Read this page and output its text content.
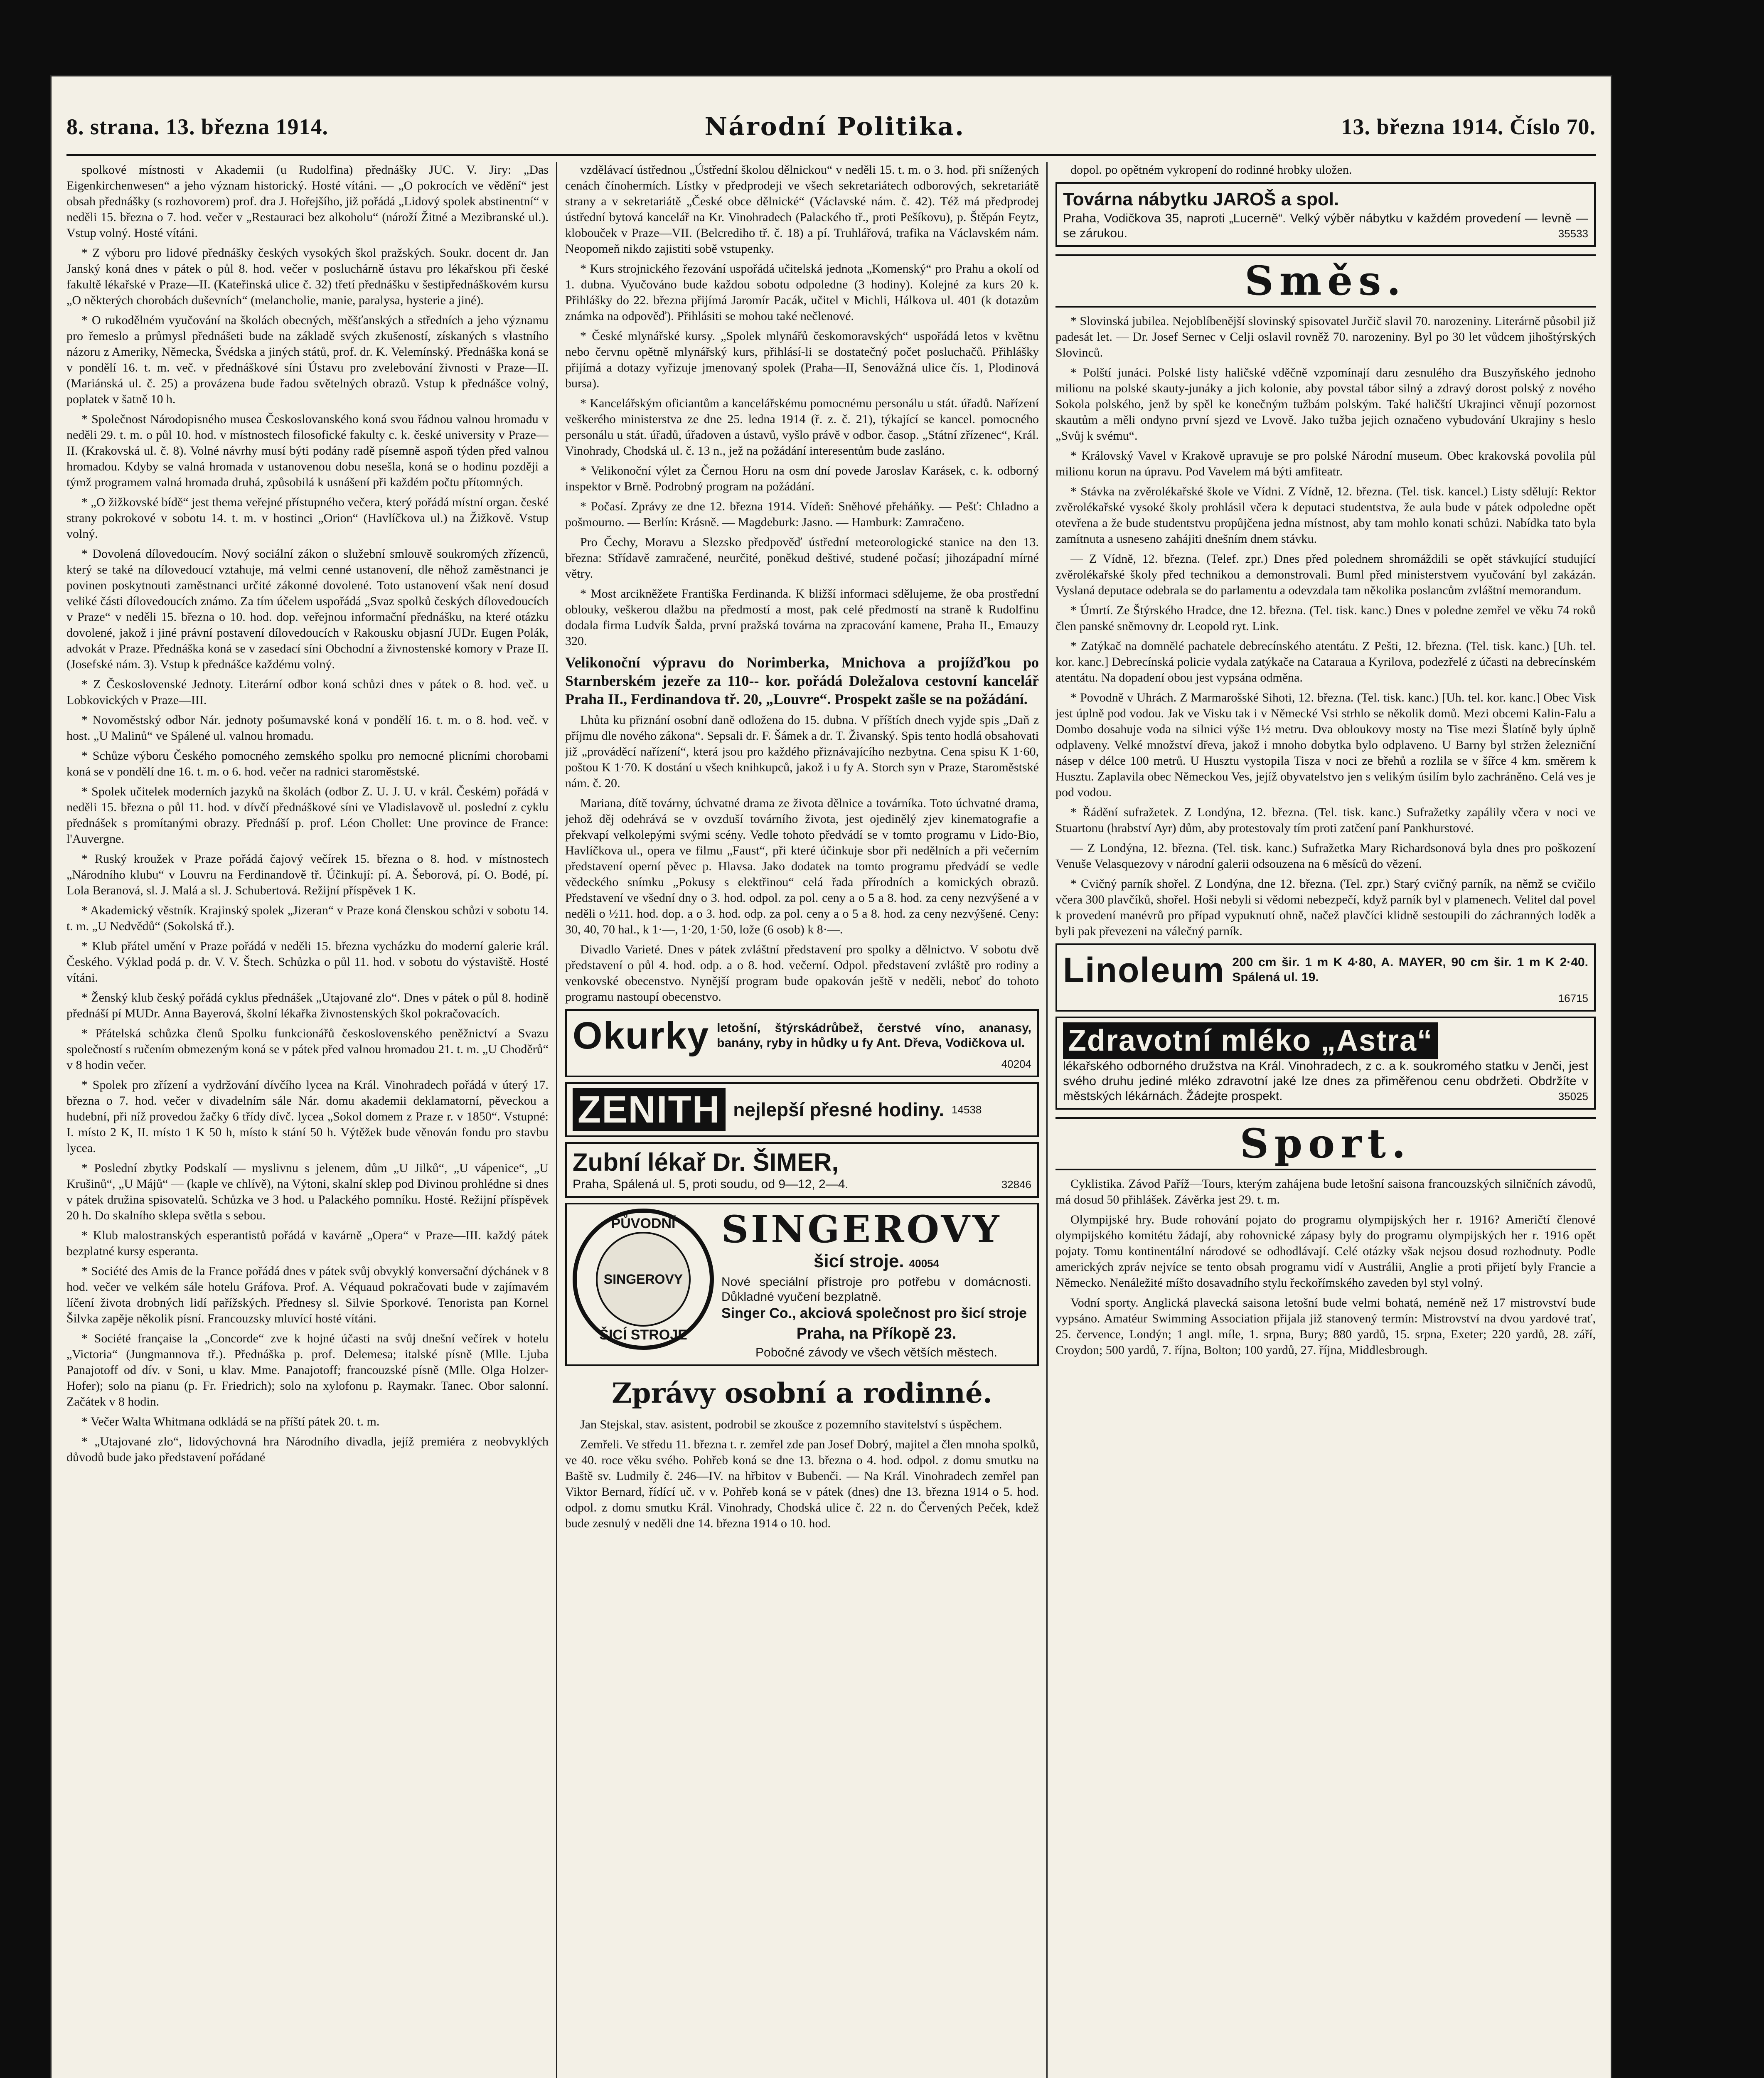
8. strana. 13. března 1914.	Národní Politika.	13. března 1914. Číslo 70.

spolkové místnosti v Akademii (u Rudolfina) přednášky JUC. V. Jiry: „Das Eigenkirchenwesen“ a jeho význam historický. Hosté vítáni. — „O pokrocích ve vědění“ jest obsah přednášky (s rozhovorem) prof. dra J. Hořejšího, již pořádá „Lidový spolek abstinentní“ v neděli 15. března o 7. hod. večer v „Restauraci bez alkoholu“ (nároží Žitné a Mezibranské ul.). Vstup volný. Hosté vítáni.

* Z výboru pro lidové přednášky českých vysokých škol pražských. Soukr. docent dr. Jan Janský koná dnes v pátek o půl 8. hod. večer v posluchárně ústavu pro lékařskou při české fakultě lékařské v Praze—II. (Kateřinská ulice č. 32) třetí přednášku v šestipřednáškovém kursu „O některých chorobách duševních“ (melancholie, manie, paralysa, hysterie a jiné).

* O rukodělném vyučování na školách obecných, měšťanských a středních a jeho významu pro řemeslo a průmysl přednášeti bude na základě svých zkušeností, získaných s vlastního názoru z Ameriky, Německa, Švédska a jiných států, prof. dr. K. Velemínský. Přednáška koná se v pondělí 16. t. m. več. v přednáškové síni Ústavu pro zvelebování živnosti v Praze—II. (Mariánská ul. č. 25) a provázena bude řadou světelných obrazů. Vstup k přednášce volný, poplatek v šatně 10 h.

* Společnost Národopisného musea Českoslovanského koná svou řádnou valnou hromadu v neděli 29. t. m. o půl 10. hod. v místnostech filosofické fakulty c. k. české university v Praze—II. (Krakovská ul. č. 8). Volné návrhy musí býti podány radě písemně aspoň týden před valnou hromadou. Kdyby se valná hromada v ustanovenou dobu nesešla, koná se o hodinu později a týmž programem valná hromada druhá, způsobilá k usnášení při každém počtu přítomných.

* „O žižkovské bídě“ jest thema veřejné přístupného večera, který pořádá místní organ. české strany pokrokové v sobotu 14. t. m. v hostinci „Orion“ (Havlíčkova ul.) na Žižkově. Vstup volný.

* Dovolená dílovedoucím. Nový sociální zákon o služební smlouvě soukromých zřízenců, který se také na dílovedoucí vztahuje, má velmi cenné ustanovení, dle něhož zaměstnanci je povinen poskytnouti zaměstnanci určité zákonné dovolené. Toto ustanovení však není dosud veliké části dílovedoucích známo. Za tím účelem uspořádá „Svaz spolků českých dílovedoucích v Praze“ v neděli 15. března o 10. hod. dop. veřejnou informační přednášku, na které otázku dovolené, jakož i jiné právní postavení dílovedoucích v Rakousku objasní JUDr. Eugen Polák, advokát v Praze. Přednáška koná se v zasedací síni Obchodní a živnostenské komory v Praze II. (Josefské nám. 3). Vstup k přednášce každému volný.

* Z Československé Jednoty. Literární odbor koná schůzi dnes v pátek o 8. hod. več. u Lobkovických v Praze—III.

* Novoměstský odbor Nár. jednoty pošumavské koná v pondělí 16. t. m. o 8. hod. več. v host. „U Malinů“ ve Spálené ul. valnou hromadu.

* Schůze výboru Českého pomocného zemského spolku pro nemocné plicními chorobami koná se v pondělí dne 16. t. m. o 6. hod. večer na radnici staroměstské.

* Spolek učitelek moderních jazyků na školách (odbor Z. U. J. U. v král. Českém) pořádá v neděli 15. března o půl 11. hod. v dívčí přednáškové síni ve Vladislavově ul. poslední z cyklu přednášek s promítanými obrazy. Přednáší p. prof. Léon Chollet: Une province de France: l'Auvergne.

* Ruský kroužek v Praze pořádá čajový večírek 15. března o 8. hod. v místnostech „Národního klubu“ v Louvru na Ferdinandově tř. Účinkují: pí. A. Šeborová, pí. O. Bodé, pí. Lola Beranová, sl. J. Malá a sl. J. Schubertová. Režijní příspěvek 1 K.

* Akademický věstník. Krajinský spolek „Jizeran“ v Praze koná členskou schůzi v sobotu 14. t. m. „U Nedvědů“ (Sokolská tř.).

* Klub přátel umění v Praze pořádá v neděli 15. března vycházku do moderní galerie král. Českého. Výklad podá p. dr. V. V. Štech. Schůzka o půl 11. hod. v sobotu do výstaviště. Hosté vítáni.

* Ženský klub český pořádá cyklus přednášek „Utajované zlo“. Dnes v pátek o půl 8. hodině přednáší pí MUDr. Anna Bayerová, školní lékařka živnostenských škol pokračovacích.

* Přátelská schůzka členů Spolku funkcionářů československého peněžnictví a Svazu společností s ručením obmezeným koná se v pátek před valnou hromadou 21. t. m. „U Choděrů“ v 8 hodin večer.

* Spolek pro zřízení a vydržování dívčího lycea na Král. Vinohradech pořádá v úterý 17. března o 7. hod. večer v divadelním sále Nár. domu akademii deklamatorní, pěveckou a hudební, při níž provedou žačky 6 třídy dívč. lycea „Sokol domem z Praze r. v 1850“. Vstupné: I. místo 2 K, II. místo 1 K 50 h, místo k stání 50 h. Výtěžek bude věnován fondu pro stavbu lycea.

* Poslední zbytky Podskalí — myslivnu s jelenem, dům „U Jilků“, „U vápenice“, „U Krušinů“, „U Májů“ — (kaple ve chlívě), na Výtoni, skalní sklep pod Divinou prohlédne si dnes v pátek družina spisovatelů. Schůzka ve 3 hod. u Palackého pomníku. Hosté. Režijní příspěvek 20 h. Do skalního sklepa světla s sebou.

* Klub malostranských esperantistů pořádá v kavárně „Opera“ v Praze—III. každý pátek bezplatné kursy esperanta.

* Société des Amis de la France pořádá dnes v pátek svůj obvyklý konversační dýchánek v 8 hod. večer ve velkém sále hotelu Gráfova. Prof. A. Véquaud pokračovati bude v zajímavém líčení života drobných lidí pařížských. Přednesy sl. Silvie Sporkové. Tenorista pan Kornel Šilvka zapěje několik písní. Francouzsky mluvící hosté vítáni.

* Société française la „Concorde“ zve k hojné účasti na svůj dnešní večírek v hotelu „Victoria“ (Jungmannova tř.). Přednáška p. prof. Delemesa; italské písně (Mlle. Ljuba Panajotoff od dív. v Soni, u klav. Mme. Panajotoff; francouzské písně (Mlle. Olga Holzer-Hofer); solo na pianu (p. Fr. Friedrich); solo na xylofonu p. Raymakr. Tanec. Obor salonní. Začátek v 8 hodin.

* Večer Walta Whitmana odkládá se na příští pátek 20. t. m.

* „Utajované zlo“, lidovýchovná hra Národního divadla, jejíž premiéra z neobvyklých důvodů bude jako představení pořádané

vzdělávací ústřednou „Ústřední školou dělnickou“ v neděli 15. t. m. o 3. hod. při snížených cenách čínohermích. Lístky v předprodeji ve všech sekretariátech odborových, sekretariátě strany a v sekretariátě „České obce dělnické“ (Václavské nám. č. 42). Též má předprodej ústřední bytová kancelář na Kr. Vinohradech (Palackého tř., proti Pešíkovu), p. Štěpán Feytz, klobouček v Praze—VII. (Belcrediho tř. č. 18) a pí. Truhlářová, trafika na Václavském nám. Neopomeň nikdo zajistiti sobě vstupenky.

* Kurs strojnického řezování uspořádá učitelská jednota „Komenský“ pro Prahu a okolí od 1. dubna. Vyučováno bude každou sobotu odpoledne (3 hodiny). Kolejné za kurs 20 k. Přihlášky do 22. března přijímá Jaromír Pacák, učitel v Michli, Hálkova ul. 401 (k dotazům známka na odpověď). Přihlásiti se mohou také nečlenové.

* České mlynářské kursy. „Spolek mlynářů českomoravských“ uspořádá letos v květnu nebo červnu opětně mlynářský kurs, přihlásí-li se dostatečný počet posluchačů. Přihlášky přijímá a dotazy vyřizuje jmenovaný spolek (Praha—II, Senovážná ulice čís. 1, Plodinová bursa).

* Kancelářským oficiantům a kancelářskému pomocnému personálu u stát. úřadů. Nařízení veškerého ministerstva ze dne 25. ledna 1914 (ř. z. č. 21), týkající se kancel. pomocného personálu u stát. úřadů, úřadoven a ústavů, vyšlo právě v odbor. časop. „Státní zřízenec“, Král. Vinohrady, Chodská ul. č. 13 n., jež na požádání interesentům bude zasláno.

* Velikonoční výlet za Černou Horu na osm dní povede Jaroslav Karásek, c. k. odborný inspektor v Brně. Podrobný program na požádání.

* Počasí. Zprávy ze dne 12. března 1914. Vídeň: Sněhové přeháňky. — Pešť: Chladno a pošmourno. — Berlín: Krásně. — Magdeburk: Jasno. — Hamburk: Zamračeno.

Pro Čechy, Moravu a Slezsko předpověď ústřední meteorologické stanice na den 13. března: Střídavě zamračené, neurčité, poněkud deštivé, studené počasí; jihozápadní mírné větry.

* Most arcikněžete Františka Ferdinanda. K bližší informaci sdělujeme, že oba prostřední oblouky, veškerou dlažbu na předmostí a most, pak celé předmostí na straně k Rudolfinu dodala firma Ludvík Šalda, první pražská továrna na zpracování kamene, Praha II., Emauzy 320.

Velikonoční výpravu do Norimberka, Mnichova a projížďkou po Starnberském jezeře za 110-- kor. pořádá Doležalova cestovní kancelář Praha II., Ferdinandova tř. 20, „Louvre“. Prospekt zašle se na požádání.

Lhůta ku přiznání osobní daně odložena do 15. dubna. V příštích dnech vyjde spis „Daň z příjmu dle nového zákona“. Sepsali dr. F. Šámek a dr. T. Živanský. Spis tento hodlá obsahovati již „prováděcí nařízení“, která jsou pro každého přiznávajícího nezbytna. Cena spisu K 1·60, poštou K 1·70. K dostání u všech knihkupců, jakož i u fy A. Storch syn v Praze, Staroměstské nám. č. 20.

Mariana, dítě továrny, úchvatné drama ze života dělnice a továrníka. Toto úchvatné drama, jehož děj odehrává se v ovzduší továrního života, jest ojedinělý zjev kinematografie a překvapí velkolepými svými scény. Vedle tohoto předvádí se v tomto programu v Lido-Bio, Havlíčkova ul., opera ve filmu „Faust“, při které účinkuje sbor při nedělních a při večerním představení operní pěvec p. Hlavsa. Jako dodatek na tomto programu předvádí se vedle vědeckého snímku „Pokusy s elektřinou“ celá řada přírodních a komických obrazů. Představení ve všední dny o 3. hod. odpol. za pol. ceny a o 5 a 8. hod. za ceny nezvýšené a v neděli o ½11. hod. dop. a o 3. hod. odp. za pol. ceny a o 5 a 8. hod. za ceny nezvýšené. Ceny: 30, 40, 70 hal., k 1·—, 1·20, 1·50, lože (6 osob) k 8·—.

Divadlo Varieté. Dnes v pátek zvláštní představení pro spolky a dělnictvo. V sobotu dvě představení o půl 4. hod. odp. a o 8. hod. večerní. Odpol. představení zvláště pro rodiny a venkovské obecenstvo. Nynější program bude opakován ještě v neděli, neboť do tohoto programu nastoupí obecenstvo.

Okurky letošní, štýrskádrůbež, čerstvé víno, ananasy, banány, ryby in hůdky u fy Ant. Dřeva, Vodičkova ul.
40204
ZENITH nejlepší přesné hodiny. 14538
Zubní lékař Dr. ŠIMER,
Praha, Spálená ul. 5, proti soudu, od 9—12, 2—4.	32846
PŮVODNÍ
SINGEROVY
ŠICÍ STROJE
SINGEROVY
šicí stroje. 40054
Nové speciální přístroje pro potřebu v domácnosti. Důkladné vyučení bezplatně.
Singer Co., akciová společnost pro šicí stroje
Praha, na Příkopě 23.
Pobočné závody ve všech větších městech.
Zprávy osobní a rodinné.

Jan Stejskal, stav. asistent, podrobil se zkoušce z pozemního stavitelství s úspěchem.

Zemřeli. Ve středu 11. března t. r. zemřel zde pan Josef Dobrý, majitel a člen mnoha spolků, ve 40. roce věku svého. Pohřeb koná se dne 13. března o 4. hod. odpol. z domu smutku na Baště sv. Ludmily č. 246—IV. na hřbitov v Bubenči. — Na Král. Vinohradech zemřel pan Viktor Bernard, řídící uč. v v. Pohřeb koná se v pátek (dnes) dne 13. března 1914 o 5. hod. odpol. z domu smutku Král. Vinohrady, Chodská ulice č. 22 n. do Červených Peček, kdež bude zesnulý v neděli dne 14. března 1914 o 10. hod.

dopol. po opětném vykropení do rodinné hrobky uložen.

Továrna nábytku JAROŠ a spol.
Praha, Vodičkova 35, naproti „Lucerně“. Velký výběr nábytku v každém provedení — levně — se zárukou.	35533
Směs.

* Slovinská jubilea. Nejoblíbenější slovinský spisovatel Jurčič slavil 70. narozeniny. Literárně působil již padesát let. — Dr. Josef Sernec v Celji oslavil rovněž 70. narozeniny. Byl po 30 let vůdcem jihoštýrských Slovinců.

* Polští junáci. Polské listy haličské vděčně vzpomínají daru zesnulého dra Buszyňského jednoho milionu na polské skauty-junáky a jich kolonie, aby povstal tábor silný a zdravý dorost polský z nového Sokola polského, jenž by spěl ke konečným tužbám polským. Také haličští Ukrajinci věnují pozornost skautům a měli ondyno první sjezd ve Lvově. Jako tužba jejich označeno vybudování Ukrajiny s heslo „Svůj k svému“.

* Královský Vavel v Krakově upravuje se pro polské Národní museum. Obec krakovská povolila půl milionu korun na úpravu. Pod Vavelem má býti amfiteatr.

* Stávka na zvěrolékařské škole ve Vídni. Z Vídně, 12. března. (Tel. tisk. kancel.) Listy sdělují: Rektor zvěrolékařské vysoké školy prohlásil včera k deputaci studentstva, že aula bude v pátek odpoledne opět otevřena a že bude studentstvu propůjčena jedna místnost, aby tam mohlo konati schůzi. Nabídka tato byla zamítnuta a usneseno zahájiti dnešním dnem stávku.

— Z Vídně, 12. března. (Telef. zpr.) Dnes před polednem shromáždili se opět stávkující studující zvěrolékařské školy před technikou a demonstrovali. Buml před ministerstvem vyučování byl zakázán. Vyslaná deputace odebrala se do parlamentu a odevzdala tam několika poslancům zvláštní memorandum.

* Úmrtí. Ze Štýrského Hradce, dne 12. března. (Tel. tisk. kanc.) Dnes v poledne zemřel ve věku 74 roků člen panské sněmovny dr. Leopold ryt. Link.

* Zatýkač na domnělé pachatele debrecínského atentátu. Z Pešti, 12. března. (Tel. tisk. kanc.) [Uh. tel. kor. kanc.] Debrecínská policie vydala zatýkače na Cataraua a Kyrilova, podezřelé z účasti na debrecínském atentátu. Na dopadení obou jest vypsána odměna.

* Povodně v Uhrách. Z Marmarošské Sihoti, 12. března. (Tel. tisk. kanc.) [Uh. tel. kor. kanc.] Obec Visk jest úplně pod vodou. Jak ve Visku tak i v Německé Vsi strhlo se několik domů. Mezi obcemi Kalin-Falu a Dombo dosahuje voda na silnici výše 1½ metru. Dva obloukovy mosty na Tise mezi Šlatíně byly úplně odplaveny. Velké množství dřeva, jakož i mnoho dobytka bylo odplaveno. U Barny byl stržen železniční násep v délce 100 metrů. U Husztu vystopila Tisza v noci ze břehů a rozlila se v šířce 4 km. směrem k Husztu. Zaplavila obec Německou Ves, jejíž obyvatelstvo jen s velikým úsilím bylo zachráněno. Celá ves je pod vodou.

* Řádění sufražetek. Z Londýna, 12. března. (Tel. tisk. kanc.) Sufražetky zapálily včera v noci ve Stuartonu (hrabství Ayr) dům, aby protestovaly tím proti zatčení paní Pankhurstové.

— Z Londýna, 12. března. (Tel. tisk. kanc.) Sufražetka Mary Richardsonová byla dnes pro poškození Venuše Velasquezovy v národní galerii odsouzena na 6 měsíců do vězení.

* Cvičný parník shořel. Z Londýna, dne 12. března. (Tel. zpr.) Starý cvičný parník, na němž se cvičilo včera 300 plavčíků, shořel. Hoši nebyli si vědomi nebezpečí, když parník byl v plamenech. Velitel dal povel k provedení manévrů pro případ vypuknutí ohně, načež plavčíci klidně sestoupili do záchranných loděk a byli pak převezeni na válečný parník.

Linoleum 200 cm šir. 1 m K 4·80, A. MAYER, 90 cm šir. 1 m K 2·40. Spálená ul. 19.
16715
Zdravotní mléko „Astra“
lékařského odborného družstva na Král. Vinohradech, z c. a k. soukromého statku v Jenči, jest svého druhu jediné mléko zdravotní jaké lze dnes za přiměřenou cenu obdržeti. Obdržíte v městských lékárnách. Žádejte prospekt.	35025
Sport.

Cyklistika. Závod Paříž—Tours, kterým zahájena bude letošní saisona francouzských silničních závodů, má dosud 50 přihlášek. Závěrka jest 29. t. m.

Olympijské hry. Bude rohování pojato do programu olympijských her r. 1916? Američtí členové olympijského komitétu žádají, aby rohovnické zápasy byly do programu olympijských her r. 1916 opět pojaty. Tomu kontinentální národové se odhodlávají. Celé otázky však nejsou dosud rozhodnuty. Podle amerických zpráv nejvíce se tento obsah programu vidí v Austrálii, Anglie a proti přijetí byly Francie a Německo. Nenáležité míšto dosavadního stylu řeckořímského zaveden byl styl volný.

Vodní sporty. Anglická plavecká saisona letošní bude velmi bohatá, neméně než 17 mistrovství bude vypsáno. Amatéur Swimming Association přijala již stanovený termín: Mistrovství na dvou yardové trať, 25. července, Londýn; 1 angl. míle, 1. srpna, Bury; 880 yardů, 15. srpna, Exeter; 220 yardů, 28. září, Croydon; 500 yardů, 7. října, Bolton; 100 yardů, 27. října, Middlesbrough.
